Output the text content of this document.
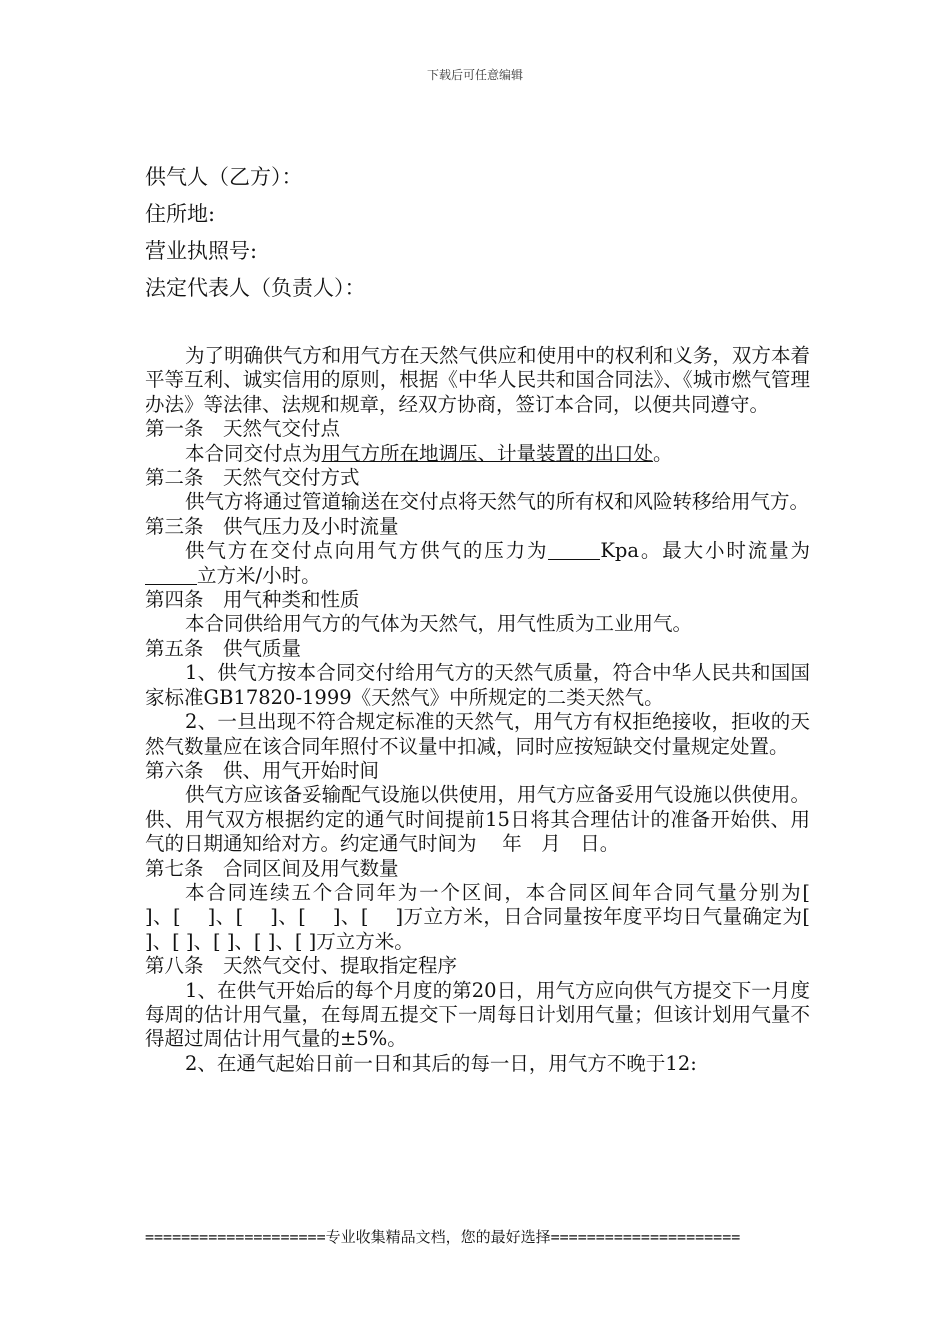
下载后可任意编辑
供气人（乙方）：
住所地:
营业执照号:
法定代表人（负责人）：

为了明确供气方和用气方在天然气供应和使用中的权利和义务，双方本着平等互利、诚实信用的原则，根据《中华人民共和国合同法》、《城市燃气管理办法》等法律、法规和规章，经双方协商，签订本合同，以便共同遵守。

第一条　天然气交付点

本合同交付点为用气方所在地调压、计量装置的出口处。

第二条　天然气交付方式

供气方将通过管道输送在交付点将天然气的所有权和风险转移给用气方。

第三条　供气压力及小时流量

供气方在交付点向用气方供气的压力为	Kpa。最大小时流量为立方米/小时。

第四条　用气种类和性质

本合同供给用气方的气体为天然气，用气性质为工业用气。

第五条　供气质量

1、供气方按本合同交付给用气方的天然气质量，符合中华人民共和国国家标准GB17820-1999《天然气》中所规定的二类天然气。

2、一旦出现不符合规定标准的天然气，用气方有权拒绝接收，拒收的天然气数量应在该合同年照付不议量中扣减，同时应按短缺交付量规定处置。

第六条　供、用气开始时间

供气方应该备妥输配气设施以供使用，用气方应备妥用气设施以供使用。供、用气双方根据约定的通气时间提前15日将其合理估计的准备开始供、用气的日期通知给对方。约定通气时间为　 年　月　日。

第七条　合同区间及用气数量

本合同连续五个合同年为一个区间，本合同区间年合同气量分别为[　 ]、[　 ]、[　 ]、[　 ]、[　 ]万立方米，日合同量按年度平均日气量确定为[ ]、[ ]、[ ]、[ ]、[ ]万立方米。

第八条　天然气交付、提取指定程序

1、在供气开始后的每个月度的第20日，用气方应向供气方提交下一月度每周的估计用气量，在每周五提交下一周每日计划用气量；但该计划用气量不得超过周估计用气量的±5%。

2、在通气起始日前一日和其后的每一日，用气方不晚于12:

====================专业收集精品文档，您的最好选择=====================
